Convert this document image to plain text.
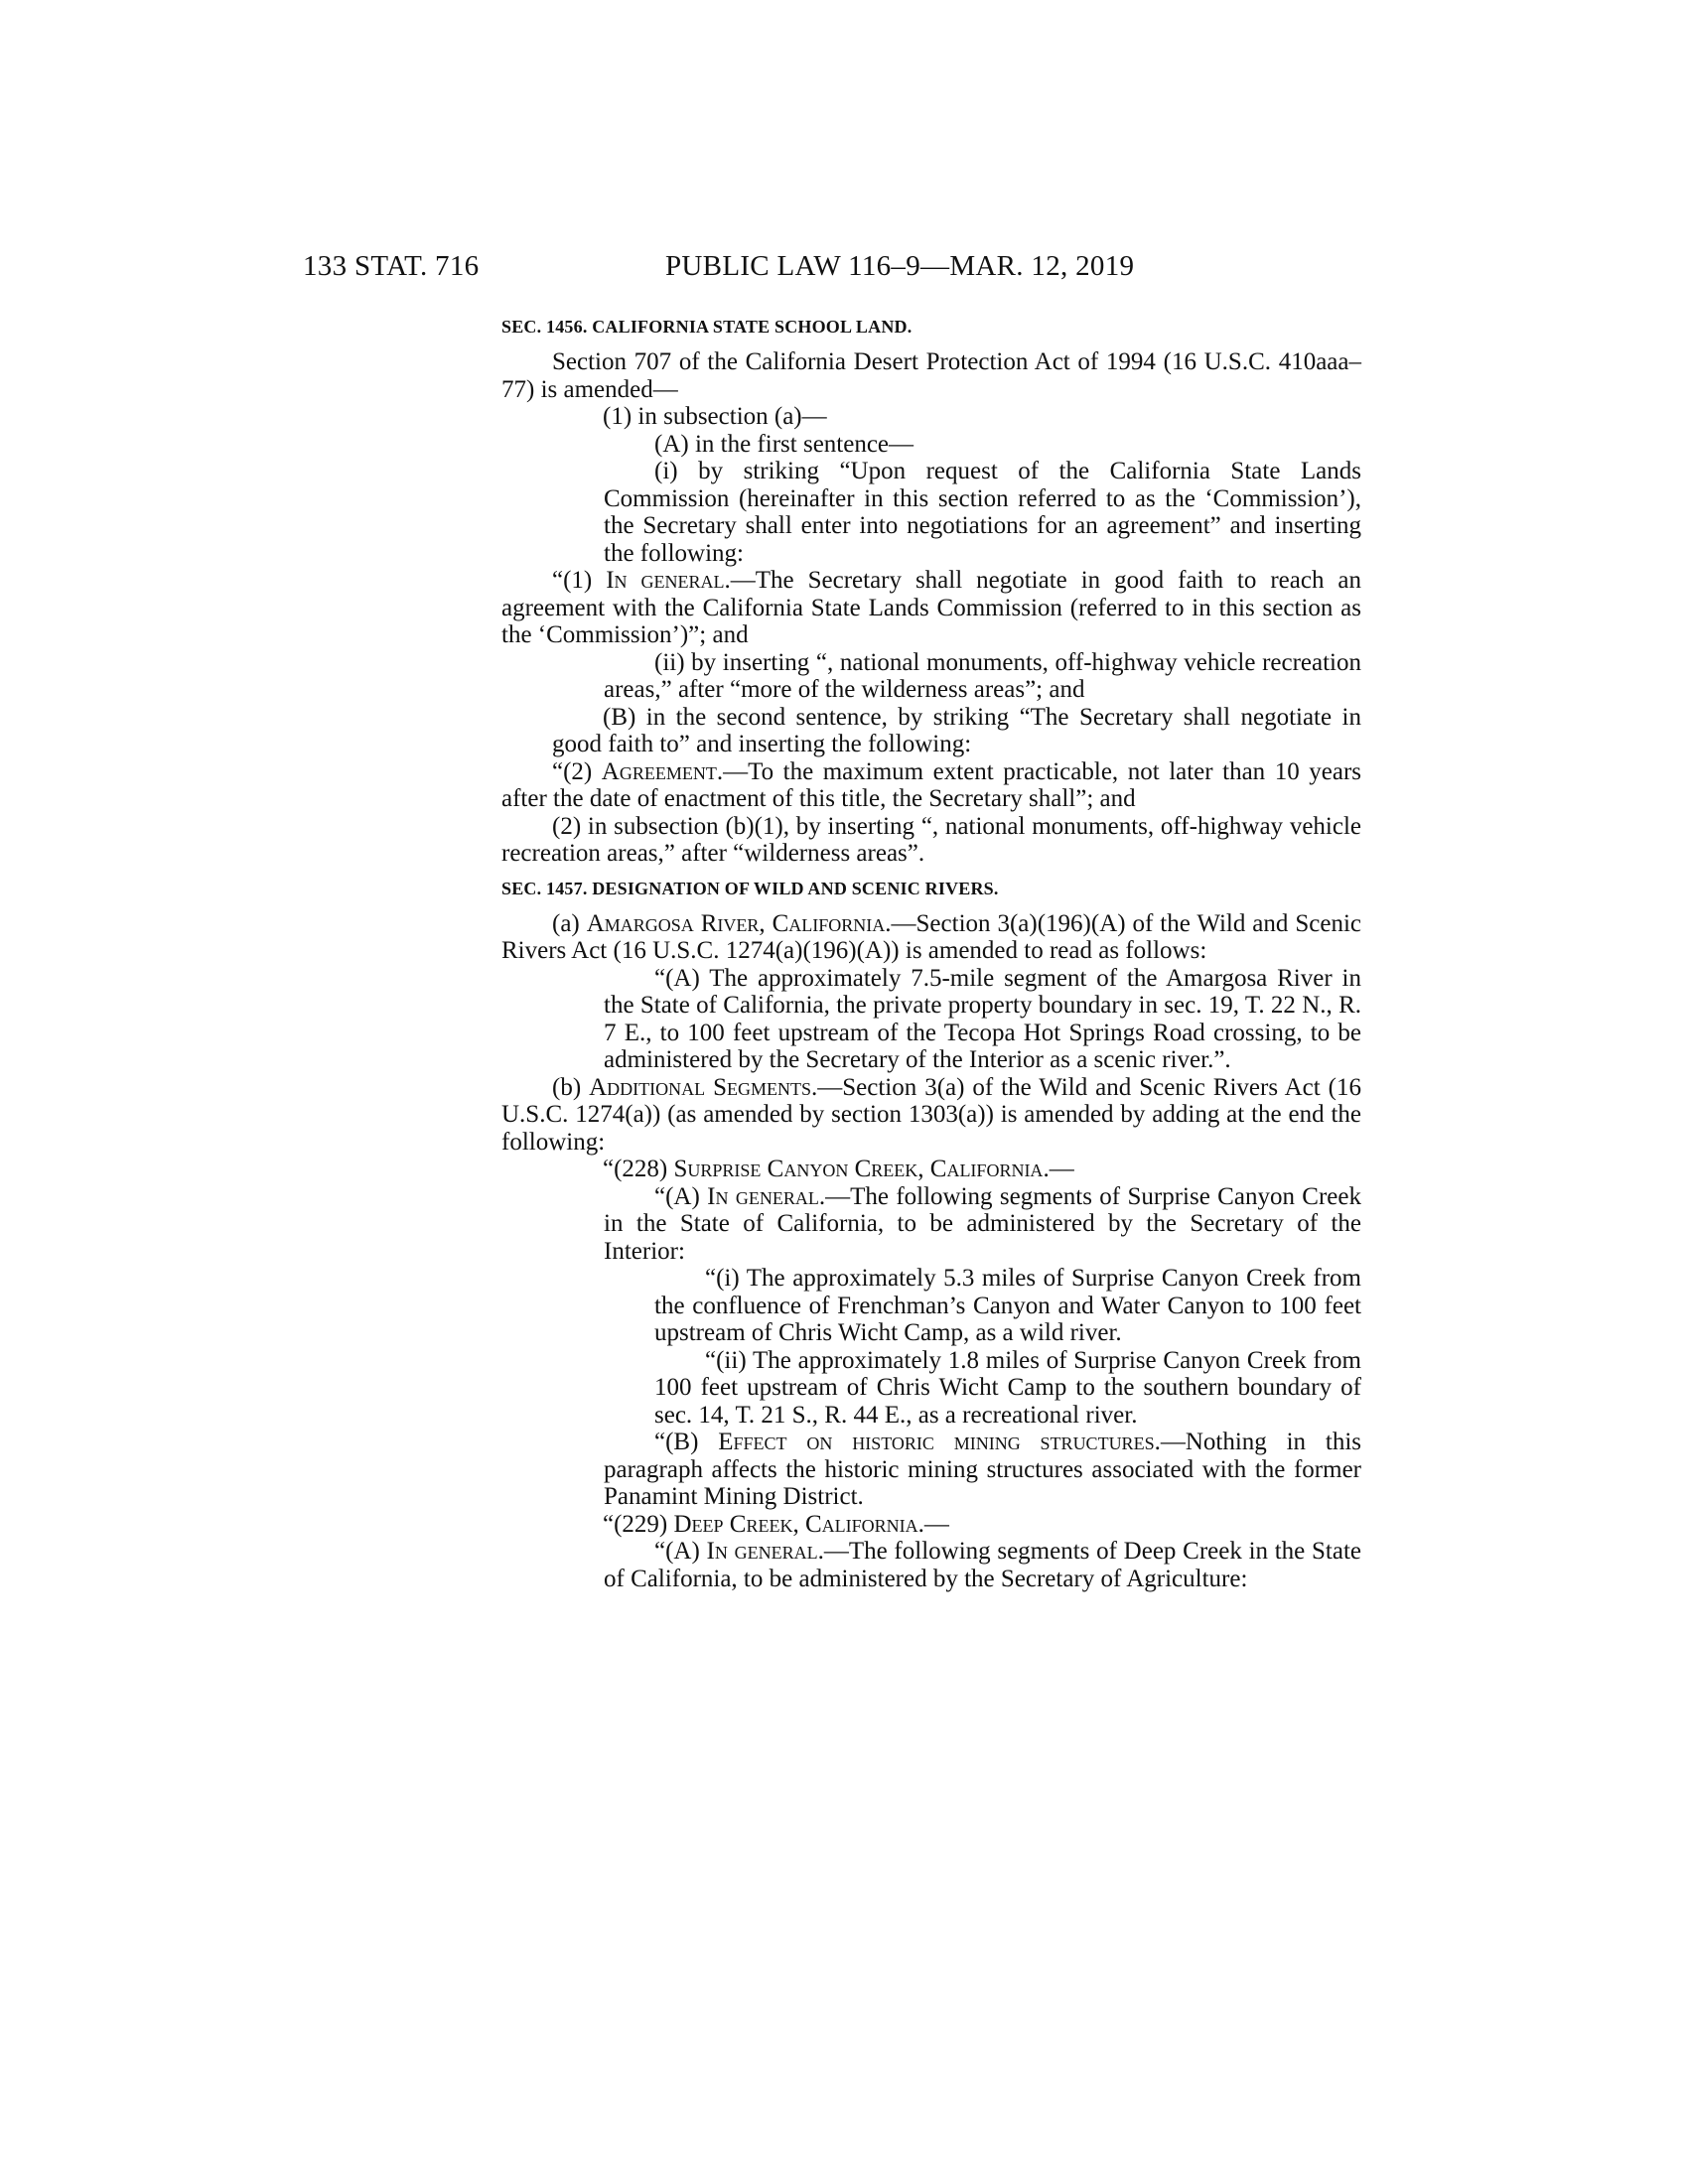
133 STAT. 716	PUBLIC LAW 116–9—MAR. 12, 2019
SEC. 1456. CALIFORNIA STATE SCHOOL LAND.

Section 707 of the California Desert Protection Act of 1994 (16 U.S.C. 410aaa–77) is amended—

(1) in subsection (a)—

(A) in the first sentence—

(i) by striking “Upon request of the California State Lands Commission (hereinafter in this section referred to as the ‘Commission’), the Secretary shall enter into negotiations for an agreement” and inserting the following:

“(1) In general.—The Secretary shall negotiate in good faith to reach an agreement with the California State Lands Commission (referred to in this section as the ‘Commission’)”; and

(ii) by inserting “, national monuments, off-highway vehicle recreation areas,” after “more of the wilderness areas”; and

(B) in the second sentence, by striking “The Secretary shall negotiate in good faith to” and inserting the following:

“(2) Agreement.—To the maximum extent practicable, not later than 10 years after the date of enactment of this title, the Secretary shall”; and

(2) in subsection (b)(1), by inserting “, national monuments, off-highway vehicle recreation areas,” after “wilderness areas”.

SEC. 1457. DESIGNATION OF WILD AND SCENIC RIVERS.

(a) Amargosa River, California.—Section 3(a)(196)(A) of the Wild and Scenic Rivers Act (16 U.S.C. 1274(a)(196)(A)) is amended to read as follows:

“(A) The approximately 7.5-mile segment of the Amargosa River in the State of California, the private property boundary in sec. 19, T. 22 N., R. 7 E., to 100 feet upstream of the Tecopa Hot Springs Road crossing, to be administered by the Secretary of the Interior as a scenic river.”.

(b) Additional Segments.—Section 3(a) of the Wild and Scenic Rivers Act (16 U.S.C. 1274(a)) (as amended by section 1303(a)) is amended by adding at the end the following:

“(228) Surprise Canyon Creek, California.—

“(A) In general.—The following segments of Surprise Canyon Creek in the State of California, to be administered by the Secretary of the Interior:

“(i) The approximately 5.3 miles of Surprise Canyon Creek from the confluence of Frenchman’s Canyon and Water Canyon to 100 feet upstream of Chris Wicht Camp, as a wild river.

“(ii) The approximately 1.8 miles of Surprise Canyon Creek from 100 feet upstream of Chris Wicht Camp to the southern boundary of sec. 14, T. 21 S., R. 44 E., as a recreational river.

“(B) Effect on historic mining structures.—Nothing in this paragraph affects the historic mining structures associated with the former Panamint Mining District.

“(229) Deep Creek, California.—

“(A) In general.—The following segments of Deep Creek in the State of California, to be administered by the Secretary of Agriculture:
